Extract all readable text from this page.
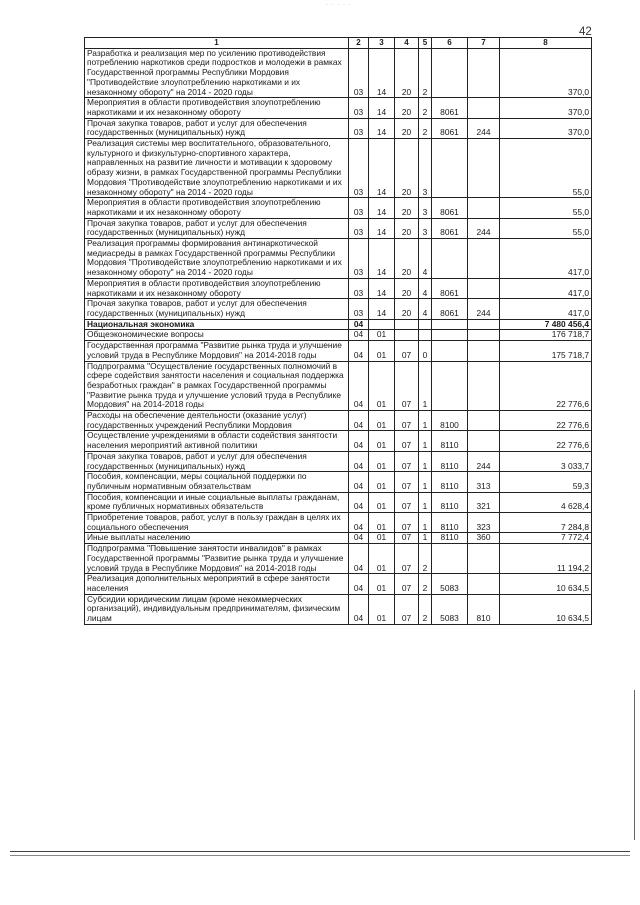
· · · · ·
42
1	2	3	4	5	6	7	8
Разработка и реализация мер по усилению противодействия потреблению наркотиков среди подростков и молодежи в рамках Государственной программы Республики Мордовия "Противодействие злоупотреблению наркотиками и их незаконному обороту" на 2014 - 2020 годы	03	14	20	2			370,0
Мероприятия в области противодействия злоупотреблению наркотиками и их незаконному обороту	03	14	20	2	8061		370,0
Прочая закупка товаров, работ и услуг для обеспечения государственных (муниципальных) нужд	03	14	20	2	8061	244	370,0
Реализация системы мер воспитательного, образовательного, культурного и физкультурно-спортивного характера, направленных на развитие личности и мотивации к здоровому образу жизни, в рамках Государственной программы Республики Мордовия "Противодействие злоупотреблению наркотиками и их незаконному обороту" на 2014 - 2020 годы	03	14	20	3			55,0
Мероприятия в области противодействия злоупотреблению наркотиками и их незаконному обороту	03	14	20	3	8061		55,0
Прочая закупка товаров, работ и услуг для обеспечения государственных (муниципальных) нужд	03	14	20	3	8061	244	55,0
Реализация программы формирования антинаркотической медиасреды в рамках Государственной программы Республики Мордовия "Противодействие злоупотреблению наркотиками и их незаконному обороту" на 2014 - 2020 годы	03	14	20	4			417,0
Мероприятия в области противодействия злоупотреблению наркотиками и их незаконному обороту	03	14	20	4	8061		417,0
Прочая закупка товаров, работ и услуг для обеспечения государственных (муниципальных) нужд	03	14	20	4	8061	244	417,0
Национальная экономика	04						7 480 456,4
Общеэкономические вопросы	04	01					176 718,7
Государственная программа "Развитие рынка труда и улучшение условий труда в Республике Мордовия" на 2014-2018 годы	04	01	07	0			175 718,7
Подпрограмма "Осуществление государственных полномочий в сфере содействия занятости населения и социальная поддержка безработных граждан" в рамках Государственной программы "Развитие рынка труда и улучшение условий труда в Республике Мордовия" на 2014-2018 годы	04	01	07	1			22 776,6
Расходы на обеспечение деятельности (оказание услуг) государственных учреждений Республики Мордовия	04	01	07	1	8100		22 776,6
Осуществление учреждениями в области содействия занятости населения мероприятий активной политики	04	01	07	1	8110		22 776,6
Прочая закупка товаров, работ и услуг для обеспечения государственных (муниципальных) нужд	04	01	07	1	8110	244	3 033,7
Пособия, компенсации, меры социальной поддержки по публичным нормативным обязательствам	04	01	07	1	8110	313	59,3
Пособия, компенсации и иные социальные выплаты гражданам, кроме публичных нормативных обязательств	04	01	07	1	8110	321	4 628,4
Приобретение товаров, работ, услуг в пользу граждан в целях их социального обеспечения	04	01	07	1	8110	323	7 284,8
Иные выплаты населению	04	01	07	1	8110	360	7 772,4
Подпрограмма "Повышение занятости инвалидов" в рамках Государственной программы "Развитие рынка труда и улучшение условий труда в Республике Мордовия" на 2014-2018 годы	04	01	07	2			11 194,2
Реализация дополнительных мероприятий в сфере занятости населения	04	01	07	2	5083		10 634,5
Субсидии юридическим лицам (кроме некоммерческих организаций), индивидуальным предпринимателям, физическим лицам	04	01	07	2	5083	810	10 634,5
